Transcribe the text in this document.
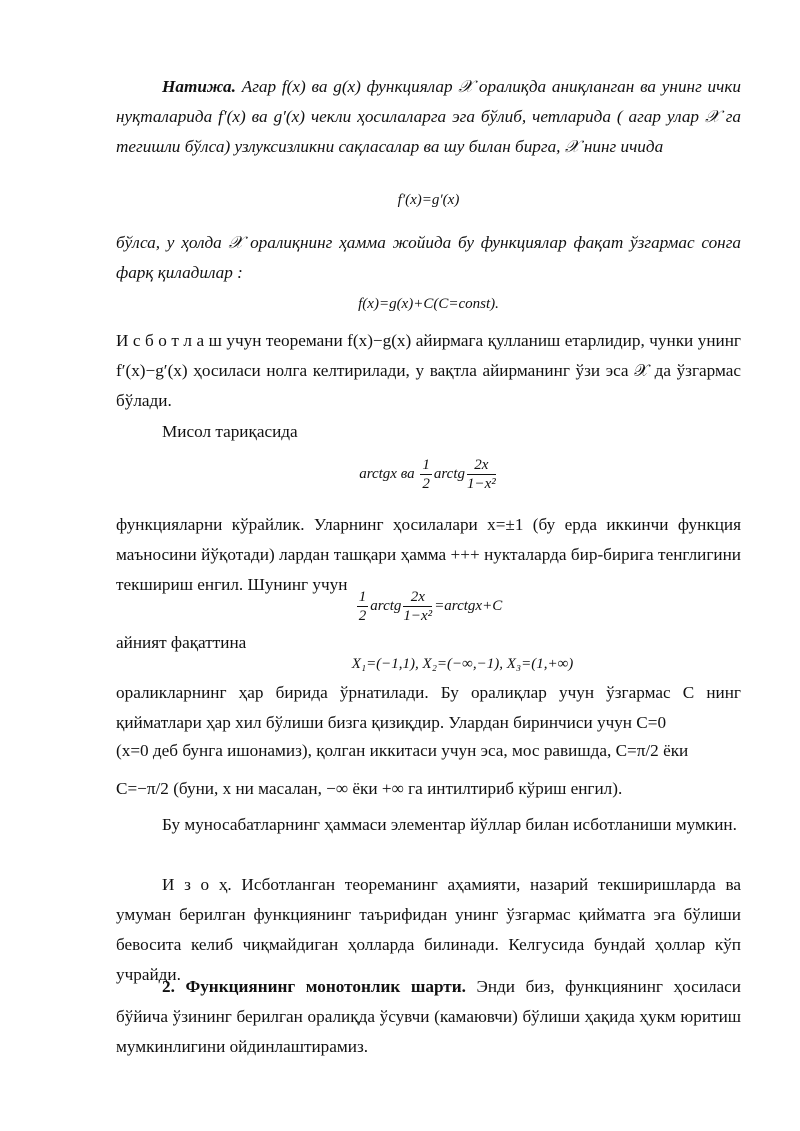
Натижа. Агар f(x) ва g(x) функциялар 𝒳 оралиқда аниқланган ва унинг ички нуқталарида f′(x) ва g′(x) чекли ҳосилаларга эга бўлиб, четларида ( агар улар 𝒳 га тегишли бўлса) узлуксизликни сақласалар ва шу билан бирга, 𝒳 нинг ичида

f′(x)=g′(x)

бўлса, у ҳолда 𝒳 оралиқнинг ҳамма жойида бу функциялар фақат ўзгармас сонга фарқ қиладилар :

f(x)=g(x)+C(C=const).

И с б о т л а ш учун теоремани f(x)−g(x) айирмага қулланиш етарлидир, чунки унинг f′(x)−g′(x) ҳосиласи нолга келтирилади, у вақтла айирманинг ўзи эса 𝒳 да ўзгармас бўлади.

Мисол тариқасида

arctgx ва $\frac{1}{2}$ arctg $\frac{2x}{\text{1−x²}}$

функцияларни кўрайлик. Уларнинг ҳосилалари x=±1 (бу ерда иккинчи функция маъносини йўқотади) лардан ташқари ҳамма +++ нукталарда бир-бирига тенглигини текшириш енгил. Шунинг учун

$\frac{1}{2}$ arctg $\frac{2x}{\text{1−x²}}$ =arctgx+C

айният фақаттина

X₁=(−1,1), X₂=(−∞,−1), X₃=(1,+∞)

ораликларнинг ҳар бирида ўрнатилади. Бу оралиқлар учун ўзгармас C нинг қийматлари ҳар хил бўлиши бизга қизиқдир. Улардан биринчиси учун C=0

(x=0 деб бунга ишонамиз), қолган иккитаси учун эса, мос равишда, C=π/2 ёки

C=−π/2 (буни, x ни масалан, −∞ ёки +∞ га интилтириб кўриш енгил).

Бу муносабатларнинг ҳаммаси элементар йўллар билан исботланиши мумкин.

И з о ҳ. Исботланган теореманинг аҳамияти, назарий текширишларда ва умуман берилган функциянинг таърифидан унинг ўзгармас қийматга эга бўлиши бевосита келиб чиқмайдиган ҳолларда билинади. Келгусида бундай ҳоллар кўп учрайди.

2. Функциянинг монотонлик шарти. Энди биз, функциянинг ҳосиласи бўйича ўзининг берилган оралиқда ўсувчи (камаювчи) бўлиши ҳақида ҳукм юритиш мумкинлигини ойдинлаштирамиз.
